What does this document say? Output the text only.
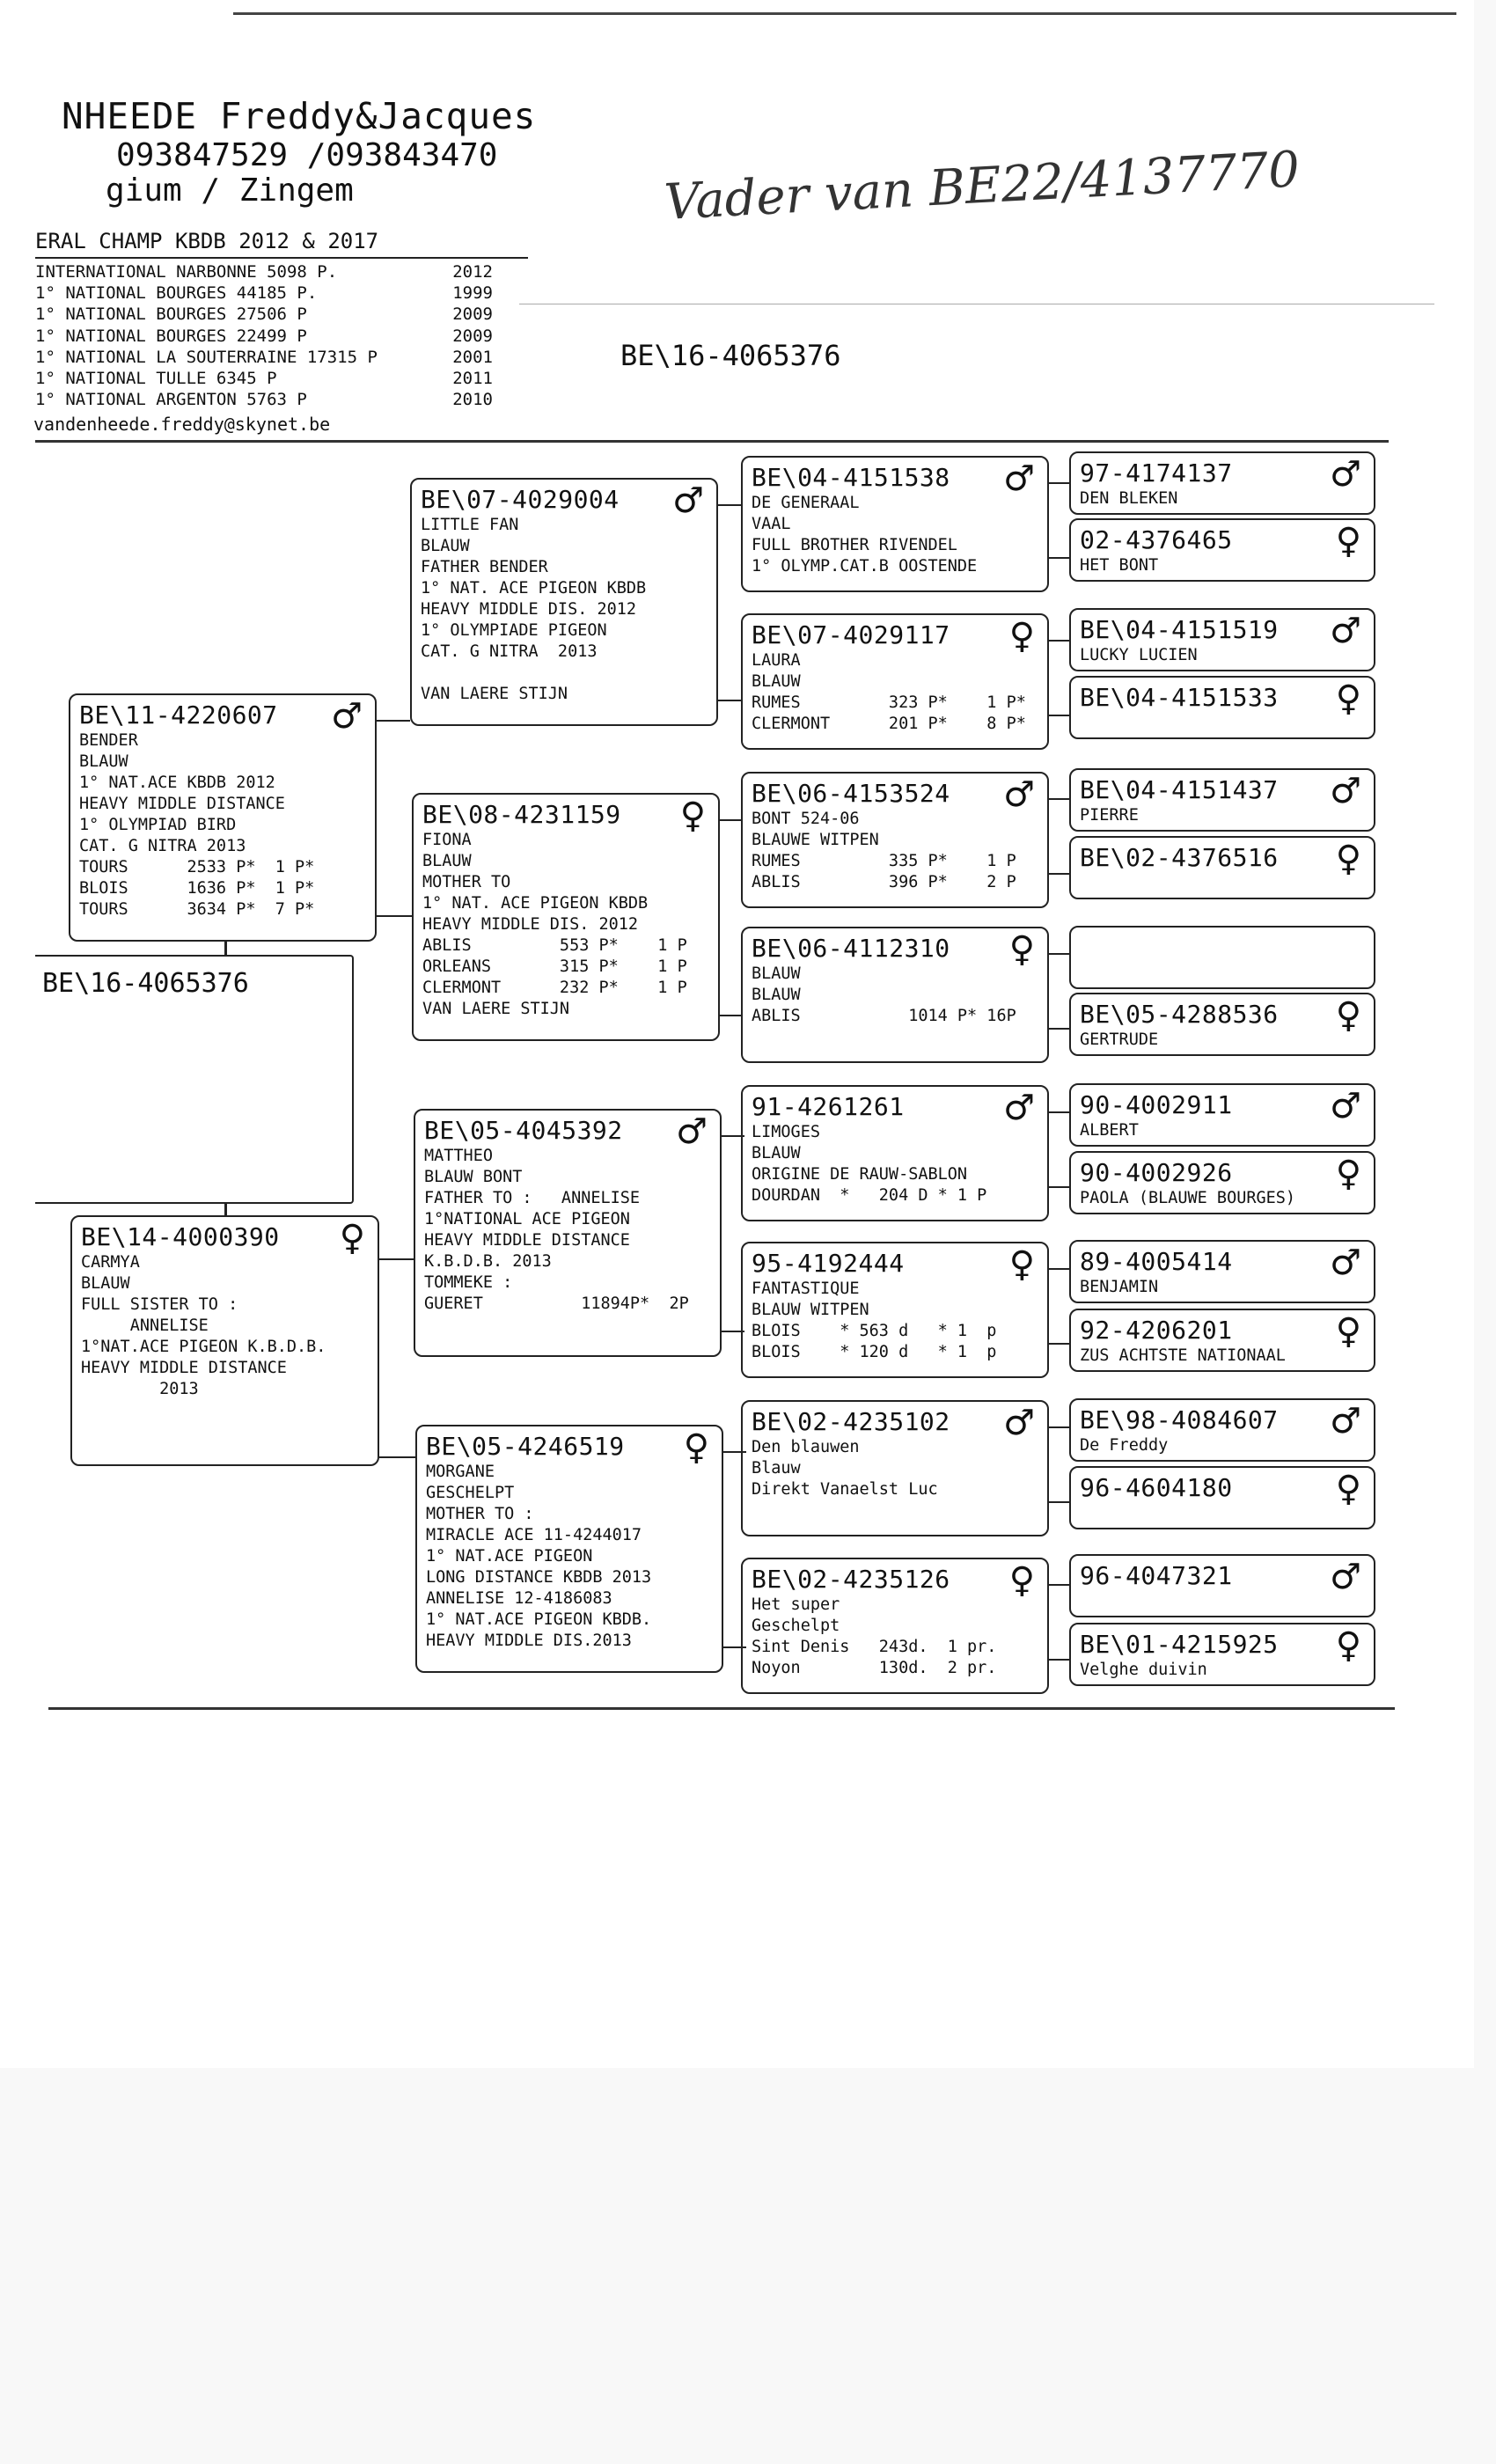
NHEEDE Freddy&Jacques
093847529 /093843470
gium / Zingem
ERAL CHAMP KBDB 2012 & 2017
INTERNATIONAL NARBONNE 5098 P.	2012
1° NATIONAL BOURGES 44185 P.	1999
1° NATIONAL BOURGES 27506 P	2009
1° NATIONAL BOURGES 22499 P	2009
1° NATIONAL LA SOUTERRAINE 17315 P	2001
1° NATIONAL TULLE 6345 P	2011
1° NATIONAL ARGENTON 5763 P	2010
vandenheede.freddy@skynet.be
Vader van BE22/4137770
BE\16-4065376
BE\16-4065376
♂
BE\11-4220607
BENDER
BLAUW
1° NAT.ACE KBDB 2012
HEAVY MIDDLE DISTANCE
1° OLYMPIAD BIRD
CAT. G NITRA 2013
TOURS      2533 P*  1 P*
BLOIS      1636 P*  1 P*
TOURS      3634 P*  7 P*
♀
BE\14-4000390
CARMYA
BLAUW
FULL SISTER TO :
ANNELISE
1°NAT.ACE PIGEON K.B.D.B.
HEAVY MIDDLE DISTANCE
2013
♂
BE\07-4029004
LITTLE FAN
BLAUW
FATHER BENDER
1° NAT. ACE PIGEON KBDB
HEAVY MIDDLE DIS. 2012
1° OLYMPIADE PIGEON
CAT. G NITRA  2013

VAN LAERE STIJN
♀
BE\08-4231159
FIONA
BLAUW
MOTHER TO
1° NAT. ACE PIGEON KBDB
HEAVY MIDDLE DIS. 2012
ABLIS         553 P*    1 P
ORLEANS       315 P*    1 P
CLERMONT      232 P*    1 P
VAN LAERE STIJN
♂
BE\05-4045392
MATTHEO
BLAUW BONT
FATHER TO :   ANNELISE
1°NATIONAL ACE PIGEON
HEAVY MIDDLE DISTANCE
K.B.D.B. 2013
TOMMEKE :
GUERET          11894P*  2P
♀
BE\05-4246519
MORGANE
GESCHELPT
MOTHER TO :
MIRACLE ACE 11-4244017
1° NAT.ACE PIGEON
LONG DISTANCE KBDB 2013
ANNELISE 12-4186083
1° NAT.ACE PIGEON KBDB.
HEAVY MIDDLE DIS.2013
♂
BE\04-4151538
DE GENERAAL
VAAL
FULL BROTHER RIVENDEL
1° OLYMP.CAT.B OOSTENDE
♀
BE\07-4029117
LAURA
BLAUW
RUMES         323 P*    1 P*
CLERMONT      201 P*    8 P*
♂
BE\06-4153524
BONT 524-06
BLAUWE WITPEN
RUMES         335 P*    1 P
ABLIS         396 P*    2 P
♀
BE\06-4112310
BLAUW
BLAUW
ABLIS           1014 P* 16P
♂
91-4261261
LIMOGES
BLAUW
ORIGINE DE RAUW-SABLON
DOURDAN  *   204 D * 1 P
♀
95-4192444
FANTASTIQUE
BLAUW WITPEN
BLOIS    * 563 d   * 1  p
BLOIS    * 120 d   * 1  p
♂
BE\02-4235102
Den blauwen
Blauw
Direkt Vanaelst Luc
♀
BE\02-4235126
Het super
Geschelpt
Sint Denis   243d.  1 pr.
Noyon        130d.  2 pr.
♂
97-4174137
DEN BLEKEN
♀
02-4376465
HET BONT
♂
BE\04-4151519
LUCKY LUCIEN
♀
BE\04-4151533
♂
BE\04-4151437
PIERRE
♀
BE\02-4376516
♀
BE\05-4288536
GERTRUDE
♂
90-4002911
ALBERT
♀
90-4002926
PAOLA (BLAUWE BOURGES)
♂
89-4005414
BENJAMIN
♀
92-4206201
ZUS ACHTSTE NATIONAAL
♂
BE\98-4084607
De Freddy
♀
96-4604180
♂
96-4047321
♀
BE\01-4215925
Velghe duivin
